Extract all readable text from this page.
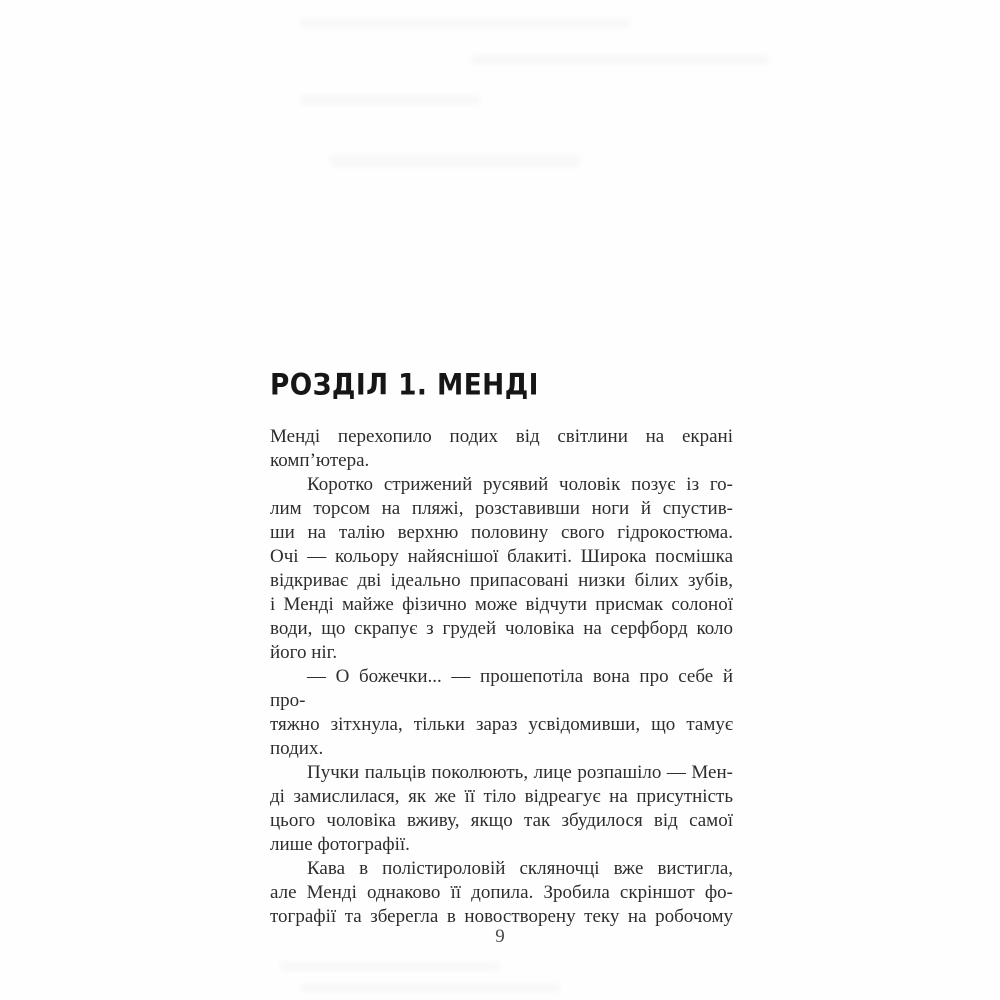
РОЗДІЛ 1. МЕНДІ
Менді перехопило подих від світлини на екрані
комп’ютера.
Коротко стрижений русявий чоловік позує із го-
лим торсом на пляжі, розставивши ноги й спустив-
ши на талію верхню половину свого гідрокостюма.
Очі — кольору найяснішої блакиті. Широка посмішка
відкриває дві ідеально припасовані низки білих зубів,
і Менді майже фізично може відчути присмак солоної
води, що скрапує з грудей чоловіка на серфборд коло
його ніг.
— О божечки... — прошепотіла вона про себе й про-
тяжно зітхнула, тільки зараз усвідомивши, що тамує
подих.
Пучки пальців поколюють, лице розпашіло — Мен-
ді замислилася, як же її тіло відреагує на присутність
цього чоловіка вживу, якщо так збудилося від самої
лише фотографії.
Кава в полістироловій скляночці вже вистигла,
але Менді однаково її допила. Зробила скріншот фо-
тографії та зберегла в новостворену теку на робочому
9
